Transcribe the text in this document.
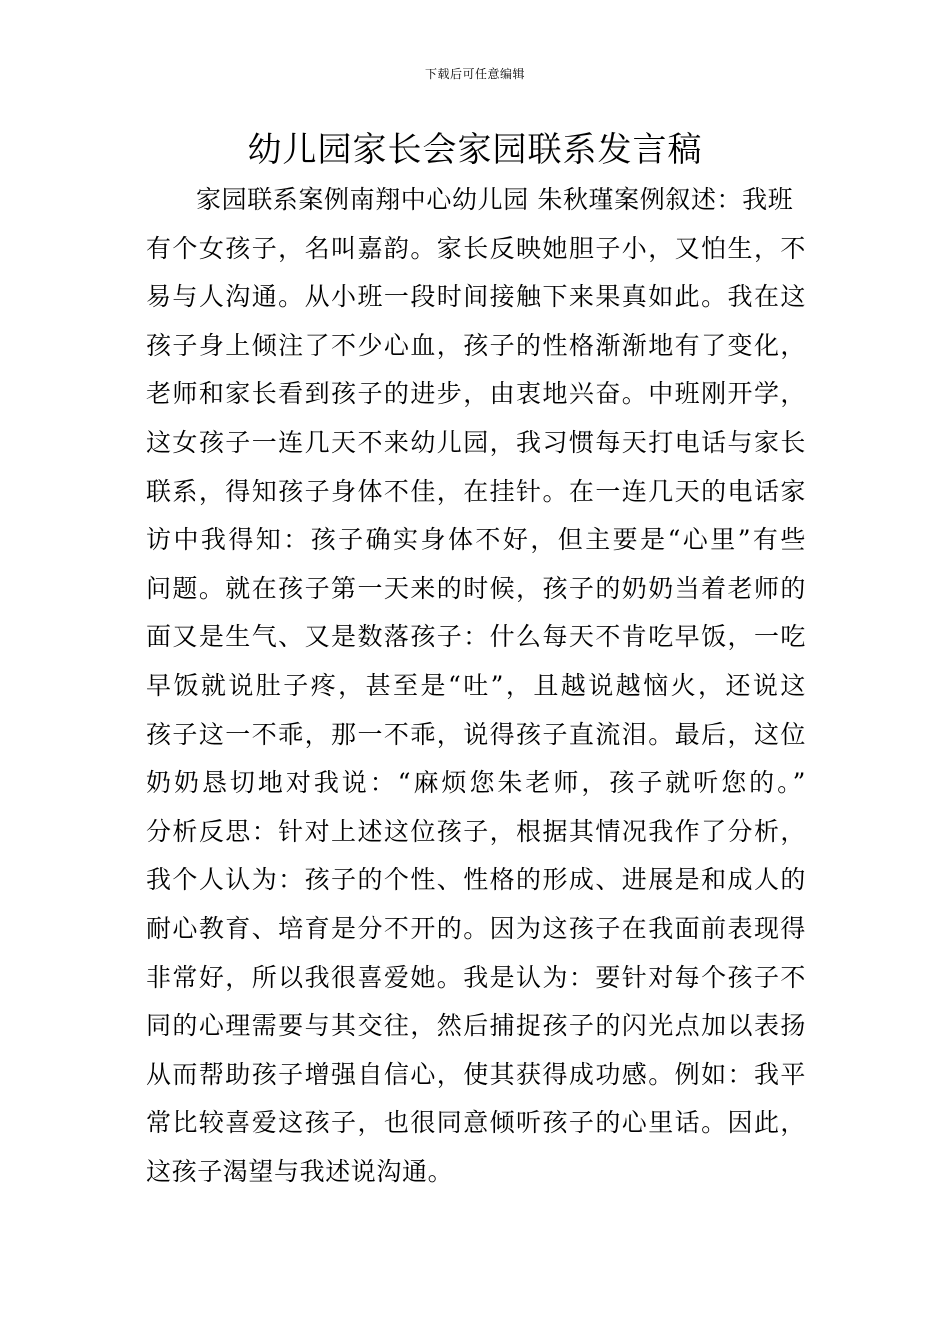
下载后可任意编辑
幼儿园家长会家园联系发言稿
家园联系案例南翔中心幼儿园 朱秋瑾案例叙述：我班
有个女孩子，名叫嘉韵。家长反映她胆子小，又怕生，不
易与人沟通。从小班一段时间接触下来果真如此。我在这
孩子身上倾注了不少心血，孩子的性格渐渐地有了变化，
老师和家长看到孩子的进步，由衷地兴奋。中班刚开学，
这女孩子一连几天不来幼儿园，我习惯每天打电话与家长
联系，得知孩子身体不佳，在挂针。在一连几天的电话家
访中我得知：孩子确实身体不好，但主要是“心里”有些
问题。就在孩子第一天来的时候，孩子的奶奶当着老师的
面又是生气、又是数落孩子：什么每天不肯吃早饭，一吃
早饭就说肚子疼，甚至是“吐”，且越说越恼火，还说这
孩子这一不乖，那一不乖，说得孩子直流泪。最后，这位
奶奶恳切地对我说：“麻烦您朱老师，孩子就听您的。”
分析反思：针对上述这位孩子，根据其情况我作了分析，
我个人认为：孩子的个性、性格的形成、进展是和成人的
耐心教育、培育是分不开的。因为这孩子在我面前表现得
非常好，所以我很喜爱她。我是认为：要针对每个孩子不
同的心理需要与其交往，然后捕捉孩子的闪光点加以表扬
从而帮助孩子增强自信心，使其获得成功感。例如：我平
常比较喜爱这孩子，也很同意倾听孩子的心里话。因此，
这孩子渴望与我述说沟通。
